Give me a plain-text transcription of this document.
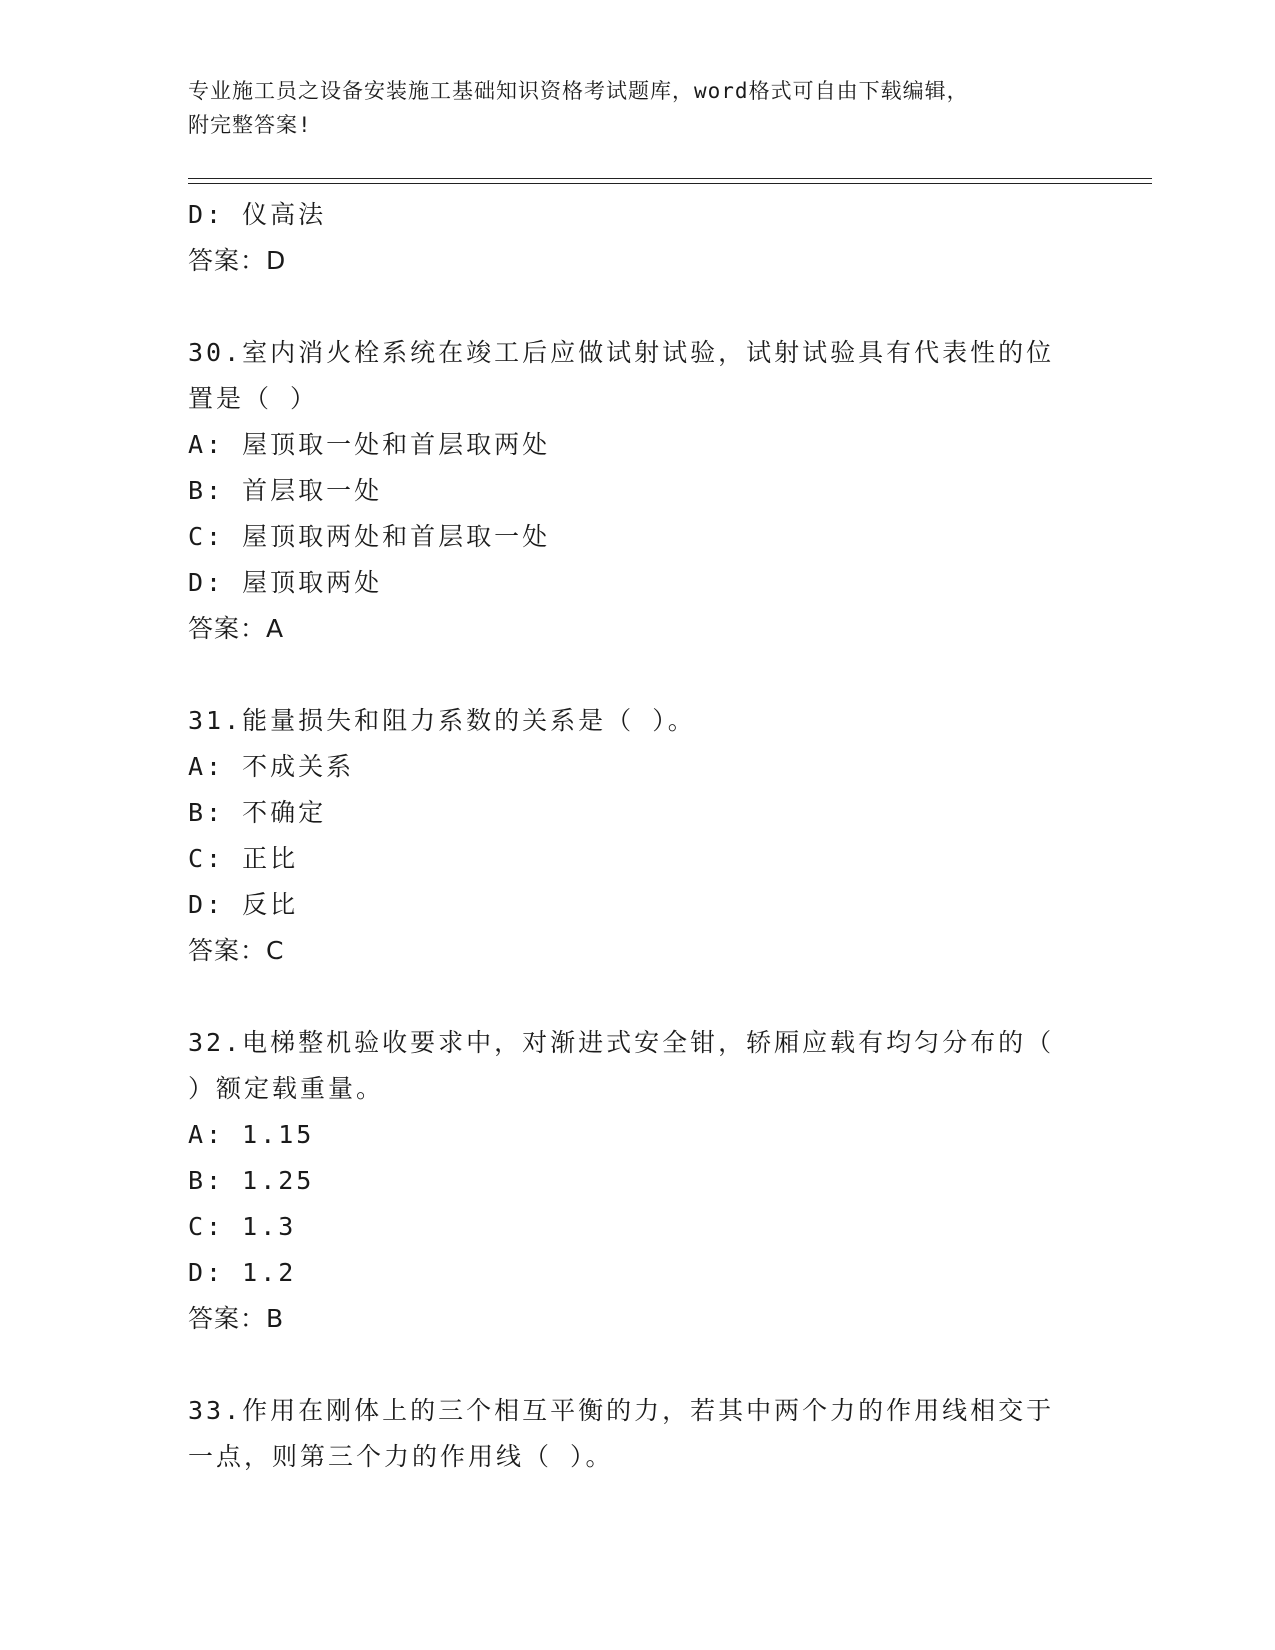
专业施工员之设备安装施工基础知识资格考试题库，word格式可自由下载编辑，
附完整答案!
D: 仪高法
答案：D
30.室内消火栓系统在竣工后应做试射试验，试射试验具有代表性的位
置是（ ）
A: 屋顶取一处和首层取两处
B: 首层取一处
C: 屋顶取两处和首层取一处
D: 屋顶取两处
答案：A
31.能量损失和阻力系数的关系是（ ）。
A: 不成关系
B: 不确定
C: 正比
D: 反比
答案：C
32.电梯整机验收要求中，对渐进式安全钳，轿厢应载有均匀分布的（
）额定载重量。
A: 1.15
B: 1.25
C: 1.3
D: 1.2
答案：B
33.作用在刚体上的三个相互平衡的力，若其中两个力的作用线相交于
一点，则第三个力的作用线（ ）。
